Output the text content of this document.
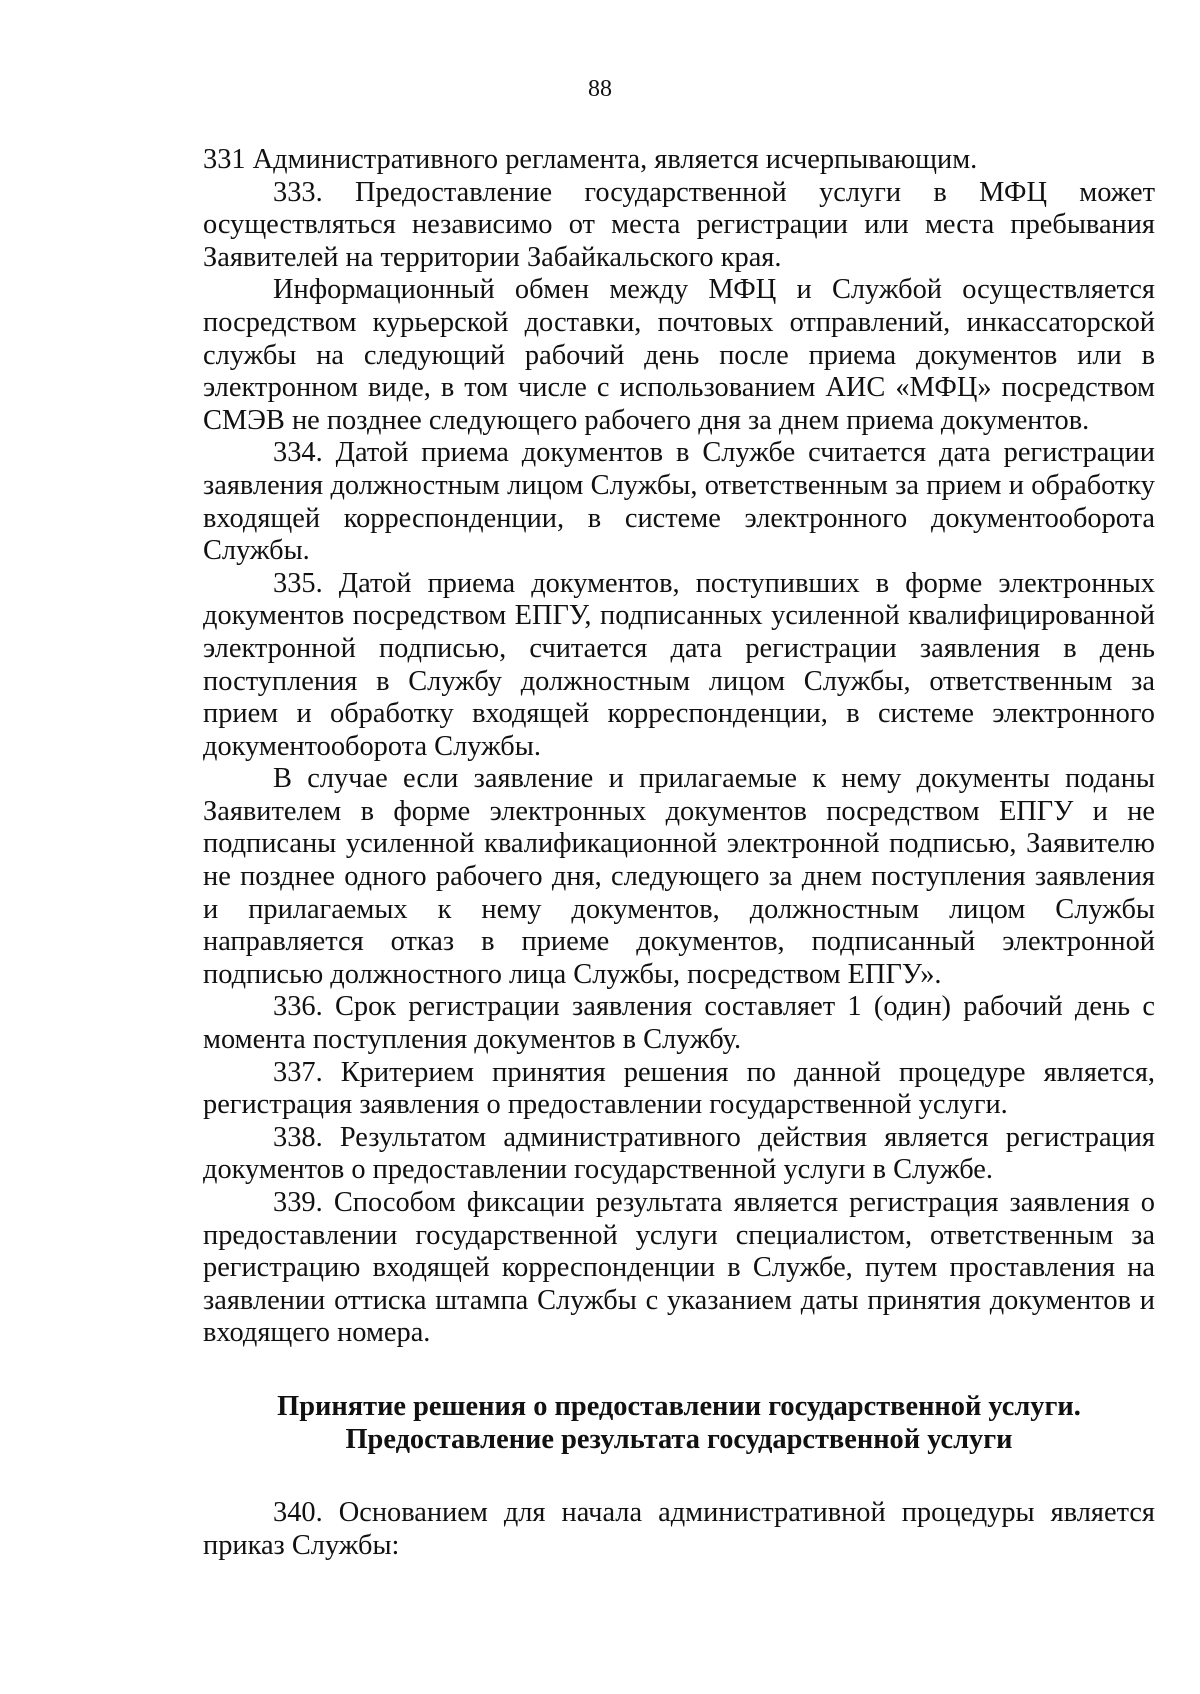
88

331 Административного регламента, является исчерпывающим.

333. Предоставление государственной услуги в МФЦ может осуществляться независимо от места регистрации или места пребывания Заявителей на территории Забайкальского края.

Информационный обмен между МФЦ и Службой осуществляется посредством курьерской доставки, почтовых отправлений, инкассаторской службы на следующий рабочий день после приема документов или в электронном виде, в том числе с использованием АИС «МФЦ» посредством СМЭВ не позднее следующего рабочего дня за днем приема документов.

334. Датой приема документов в Службе считается дата регистрации заявления должностным лицом Службы, ответственным за прием и обработку входящей корреспонденции, в системе электронного документооборота Службы.

335. Датой приема документов, поступивших в форме электронных документов посредством ЕПГУ, подписанных усиленной квалифицированной электронной подписью, считается дата регистрации заявления в день поступления в Службу должностным лицом Службы, ответственным за прием и обработку входящей корреспонденции, в системе электронного документооборота Службы.

В случае если заявление и прилагаемые к нему документы поданы Заявителем в форме электронных документов посредством ЕПГУ и не подписаны усиленной квалификационной электронной подписью, Заявителю не позднее одного рабочего дня, следующего за днем поступления заявления и прилагаемых к нему документов, должностным лицом Службы направляется отказ в приеме документов, подписанный электронной подписью должностного лица Службы, посредством ЕПГУ».

336. Срок регистрации заявления составляет 1 (один) рабочий день с момента поступления документов в Службу.

337. Критерием принятия решения по данной процедуре является, регистрация заявления о предоставлении государственной услуги.

338. Результатом административного действия является регистрация документов о предоставлении государственной услуги в Службе.

339. Способом фиксации результата является регистрация заявления о предоставлении государственной услуги специалистом, ответственным за регистрацию входящей корреспонденции в Службе, путем проставления на заявлении оттиска штампа Службы с указанием даты принятия документов и входящего номера.

Принятие решения о предоставлении государственной услуги.
Предоставление результата государственной услуги

340. Основанием для начала административной процедуры является приказ Службы:
